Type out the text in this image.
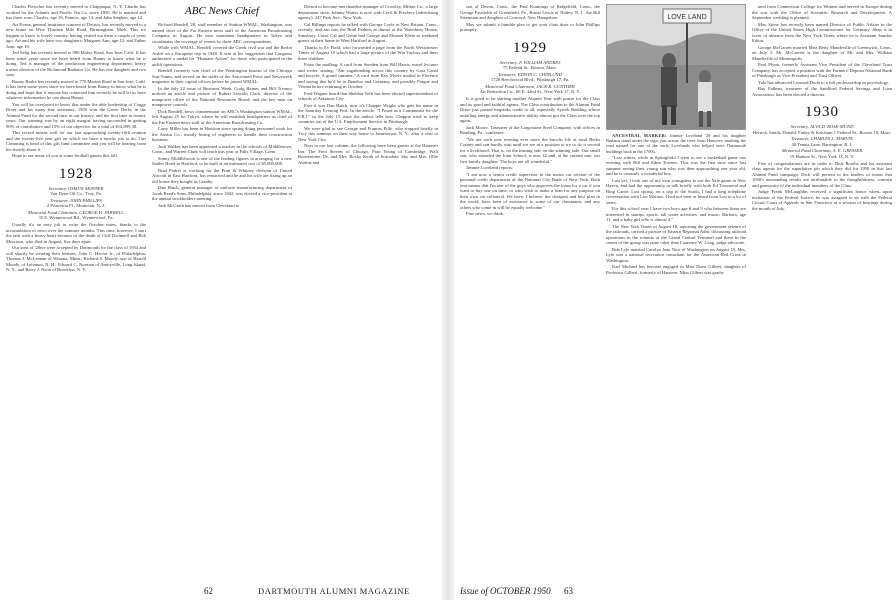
Charles Fleischer has recently moved to Chappaqua, N. Y. Charlie has worked for the Atlantic and Pacific Tea Co. since 1950. He is married and has three sons: Charles, age 16, Francis, age 14; and John Stephen, age 12.

Art Evans, general insurance concern of Detroit, has recently moved to a new home on Wise Thirteen Mile Road, Birmingham, Mich. This we happen to know is lovely country, having visited out there a couple of years ago. Art and his wife have two daughters: Margaret Ann, age 12; and Father Joan, age 10.

Ted Selig has recently moved to 990 Maloy Road, San Jose, Calif. It has been some years since we have heard from Bunny to know what he is doing. Ted is manager of the production engineering department, heavy tractor division of the Richmond Radiator Co. He has one daughter and two sons.

Bunny Burke has recently moved to 770 Marina Road in San Jose, Calif. It has been some years since we have heard from Bunny to know what he is doing and hope that if anyone has contacted him recently he will let us have whatever information he can about Bunny.

You will be overjoyed to know that under the able leadership of Coggy Broer and his many fine assistants, 1950 won the Green Derby in the Alumni Fund for the second time in our history, and the first time in twenty years. Our winning was by an eight margin, having succeeded in getting 90% of contributors and 15% of our objective for a total of $14,899.38.

This record means well for our fast approaching twenty-fifth reunion and the twenty-five year gift on which we have a terrific job to do. Gus Cumming is head of this gift fund committee and you will be hearing from his shortly about it.

Hope to see many of you at some football games this fall.

1928

Secretary, OSMUN SKINNER
Van Dyne Oil Co., Troy, Pa.

Treasurer, JOHN PHILLIPS
2 Princeton Pl., Montclair, N. J.

Memorial Fund Chairman, GEORGE H. FARWELL
35 E. Wynnewood Rd., Wynnewood, Pa.

Usually it's an easy job to write the October notes, thanks to the accumulation of news over the summer months. This time, however, I start the task with a heavy heart because of the death of Cliff Dwinnell and Bob Morrison, who died in August, five days apart.

Our sons of '28ers were accepted by Dartmouth for the class of 1954 and will shortly be wearing their beanies: John C. Hector Jr., of Philadelphia, Thomas J. McLennan of Winona, Minn., Richard S. Moody, son of Harold Moody, of Lebanon, N. H., Edward C. Norman of Amityville, Long Island, N. Y., and Barry J. Neon of Brooklyn, N. Y.

ABC News Chief

Richard Rendell '28, staff member of Station WMAL, Washington, was named chief of the Far Eastern news staff of the American Broadcasting Company in August. He now maintains headquarters in Tokyo and coordinates the coverage of events by three ABC correspondents.

While with WMAL, Rendell covered the Greek civil war and the Berlin Airlift on a European trip in 1948. It was at his suggestion that Congress authorized a medal for "Humane Action" for those who participated in the airlift operations.

Rendell formerly was chief of the Washington bureau of the Chicago Sun-Times, and served on the staffs of the Associated Press and Newsweek magazine in their capital offices before he joined WMAL.

In the July 22 issue of Business Week, Craig Haines and Bill Treanor noticed an article and picture of Robert Lincoln Clark, director of the manpower office of the National Resources Board, and the key man on manpower controls.

Dick Rendell, news commentator on ABC's Washington station WMAL, left August 25 for Tokyo, where he will establish headquarters as chief of the Far Eastern news staff of the American Broadcasting Co.

Larry Miller has been in Houston since spring doing personnel work for the Austin Co., mostly hiring of engineers to handle their construction business.

Jack Walker has been appointed a teacher in the schools of Middletown, Conn., and Warren Clark will teach this year at Falls Village, Conn.

Sonny Middlebrook is one of the leading figures in arranging for a new Statler Hotel in Hartford, to be built at an estimated cost of $5,000,000.

Brad Parker is working for the Pratt & Whitney division of United Aircraft in East Hartford, has remarried and he and his wife are fixing up an old house they bought in Granby.

Dan Hatch, general manager of uniform manufacturing department of Jacob Reed's Sons, Philadelphia, since 1942, was elected a vice-president at the annual stockholders meeting.

Jack McGrath has moved from Cleveland to

Detroit to become merchandise manager of Crowley, Milner Co., a large department store. Johnny Waters is now with Cecil & Presbrey (advertising agency), 247 Park Ave., New York.

Cal Billings reports he talked with George Coyle in New Britain, Conn., recently, and ran into the Brad Parkers at dinner at the Waterbury House, Simsbury, Conn. Cal and Genie had George and Eleanor Klein as weekend guests at their home in West Hartford in August.

Thanks to Ev Field, who forwarded a page from the North Westchester Times of August 10 which had a large picture of the Win Taylors and their three children.

From the mailbag: A card from Sweden from Bill Harris, travel lecturer and writer, stating, "Am vagabonding across this country by Gota Canal and bicycle. A grand summer." A card from Roy Myers mailed in Florence and saying that he'd be in Benelux and Germany, and possibly Prague and Vienna before returning in October.

Fred Wagner heard that Sheldon Tefft has been elected superintendent of schools of Arkansas City.

First it was Dan Hatch, now it's Chappie Wright who gets his name in the Saturday Evening Post. In the article, "I Posed as a Communist for the F.B.I." in the July 15 issue the author tells how Chappie tried to keep commies out of the U.S. Employment Service in Pittsburgh.

We were glad to see George and Frances Pillo, who stopped briefly in Troy this summer on their way home to Jamestown, N. Y., after a visit to New York City.

Next to our last column, the following have been guests at the Hanover Inn: The Fred Steeres of Chicago, Fran Young of Cambridge, Walt Brownstone, Dr. and Mrs. Rocky Keith of Scarsdale, Sky and Mrs. Ollie Andrus and

62	DARTMOUTH ALUMNI MAGAZINE

son of Devon, Conn., the Paul Kramings of Ridgefield, Conn., the George Fairfields of Greenfield, Pa., Bruno Lewis of Nutley, N. J., the Bill Steenman and daughter of Concord, New Hampshire.

May we submit a humble plea to get your class dues to John Phillips promptly.

1929

Secretary, F. WILLIAM ANDRES
75 Federal St., Boston, Mass.

Treasurer, EDWIN C. CHINLUND
1728 Beechwood Blvd., Pittsburgh 17, Pa.

Memorial Fund Chairman, JACK R. GUNTHER
Air Reduction Co., 60 E. 42nd St., New York 17, N. Y.

It is good to be starting another Alumni Year with praise for the Class and its good and faithful agents. The Class contribution to the Alumni Fund Drive just passed bespeaks credit to all, especially Sywek Redding whose unfailing energy and administrative ability almost got the Class over the top again.

Jack Moore, Treasurer of the Cargostone Steel Company, with offices in Reading, Pa., confesses:

"We are each year evening ever more the bucolic life at rural Berks County and can hardly wait until we are in a position to try to do it second for a livelihood. That is, on the leaning side on the winning side. Our small son, who attended the Joint School, is now 12 and, at the current rate, our first family daughter. The boys are all wonderful."

Jimmie Loveland reports:

"I am now a senior credit supervisor in the motor car section of the personal credit department of the National City Bank of New York. Both fear means that I'm one of the guys who approves the loans for a car if you want to buy one on time, or who wish to make a loan for any purpose on their own car collateral. We have, I believe, the cheapest and best plan in the world, have been of assistance to some of our classmates, and any others who come in will be equally welcome."

Fine news, we think.

LOVE LAND

ANCESTRAL MARKER: Jimmie Loveland '29 and his daughter Barbara stand under the sign, just across the river from Hanover, marking the road named for one of the early Lovelands who helped erect Dartmouth buildings back in the 1700's.

"Last winter, while in Springfield I went to see a basketball game one evening with Bill and Edna Townes. This was the first time since last summer seeing their young son who was then approaching one year old, and he is certainly a wonderful boy.

Last yet, I took one of my own youngsters to see the Yale game in New Haven, and had the opportunity to talk briefly with both Ed Townsend and Bing Carter. Last spring, on a trip to the South, I had a long telephone conversation with Lou Morriss. I had not seen or heard from Lou in a lot of years.

For this school year I have two boys age 6 and 9 who between them are interested in stamps, sports, tall water activities, and music; Barbara, age 11, and a baby girl who is almost 2."

The New York Times of August 18, reporting the government seizure of the railroads, carried a picture of Eastern Regional Adm. discussing railroad operations in the rotunda of the Grand Central Terminal and there in the center of the group was none other than Laurence W. Long, judge advocate.

Bob Lyle married Carolyn Jean Nice of Washington on August 19. Mrs. Lyle was a national recreation consultant for the American Red Cross in Washington.

Karl Michael has become engaged to Miss Doris Gilbert, daughter of Professor Gilbert, formerly of Hanover. Miss Gilbert was gradu-

ated from Connecticut College for Women and served in Europe during the war with the Office of Scientific Research and Development. A September wedding is planned.

May Stone has recently been named Director of Public Affairs in the Office of the United States High Commissioner for Germany. Shep is in favor of absence from the New York Times where he is Assistant Sunday Editor.

George McGarrett married Miss Betty Mandeville of Greenwich, Conn., on July 5. Mr. McGarrett is the daughter of Mr. and Mrs. William Mandeville of Minneapolis.

Paul Flynn, formerly Assistant Vice President of the Cleveland Trust Company, has accepted a position with the Farmers' Deposit National Bank of Pittsburgh as Vice-President and Trust Officer.

Yale has advanced Leonard Doob to a full professorship in psychology.

Ray Falkner, treasurer of the Sandford Federal Savings and Loan Association, has been elected a director.

1930

Secretary, ALVA D. ROSE-MUND
Herrick, Smith, Donald, Farley & Ketchum 1 Federal St., Boston 10, Mass.

Treasurer, CHARLES L. MARVIN
30 Tennis Lane, Barrington, R. I.

Memorial Fund Chairman, A. E. GRESSER
19 Hudson St., New York 13, N. Y.

Five of congratulations are in order to Dick Booths and his assistant class agents for the superlative job which they did for 1950 in this last Alumni Fund campaign. Dick will present to the leaders of teams that 1950's outstanding results are attributable to the thoughtfulness, concern and generosity of the individual members of the Class.

Judge Frank McLaughlin received a significant honor when, upon invitation of the Federal Justice, he was assigned to sit with the Federal Circuit Court of Appeals in San Francisco at a session of hearings during the month of July.

Issue of OCTOBER 1950 63
